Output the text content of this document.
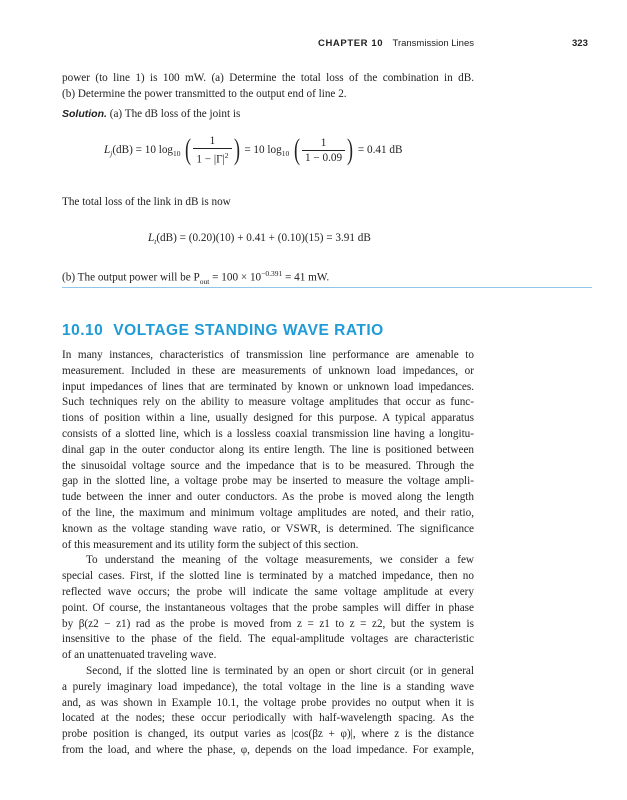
CHAPTER 10 Transmission Lines	323
power (to line 1) is 100 mW. (a) Determine the total loss of the combination in dB.
(b) Determine the power transmitted to the output end of line 2.
Solution. (a) The dB loss of the joint is
$L_j(dB) = 10$ $\log_{10}$ ( $\frac{1}{1 - |\Gamma|^2}$ ) = 10 $\log_{10}$ ( $\frac{1}{1 - 0.09}$ ) = 0.41 dB
The total loss of the link in dB is now
$L_t(dB) = (0.20)(10) + 0.41 + (0.10)(15) = 3.91$ dB
(b) The output power will be $P_{out} = 100 \times 10^{-0.391} = 41$ mW.
10.10 VOLTAGE STANDING WAVE RATIO
In many instances, characteristics of transmission line performance are amenable to
measurement. Included in these are measurements of unknown load impedances, or
input impedances of lines that are terminated by known or unknown load impedances.
Such techniques rely on the ability to measure voltage amplitudes that occur as func-
tions of position within a line, usually designed for this purpose. A typical apparatus
consists of a slotted line, which is a lossless coaxial transmission line having a longitu-
dinal gap in the outer conductor along its entire length. The line is positioned between
the sinusoidal voltage source and the impedance that is to be measured. Through the
gap in the slotted line, a voltage probe may be inserted to measure the voltage ampli-
tude between the inner and outer conductors. As the probe is moved along the length
of the line, the maximum and minimum voltage amplitudes are noted, and their ratio,
known as the voltage standing wave ratio, or VSWR, is determined. The significance
of this measurement and its utility form the subject of this section.
To understand the meaning of the voltage measurements, we consider a few
special cases. First, if the slotted line is terminated by a matched impedance, then no
reflected wave occurs; the probe will indicate the same voltage amplitude at every
point. Of course, the instantaneous voltages that the probe samples will differ in phase
by β(z2 − z1) rad as the probe is moved from z = z1 to z = z2, but the system is
insensitive to the phase of the field. The equal-amplitude voltages are characteristic
of an unattenuated traveling wave.
Second, if the slotted line is terminated by an open or short circuit (or in general
a purely imaginary load impedance), the total voltage in the line is a standing wave
and, as was shown in Example 10.1, the voltage probe provides no output when it is
located at the nodes; these occur periodically with half-wavelength spacing. As the
probe position is changed, its output varies as |cos(βz + φ)|, where z is the distance
from the load, and where the phase, φ, depends on the load impedance. For example,
